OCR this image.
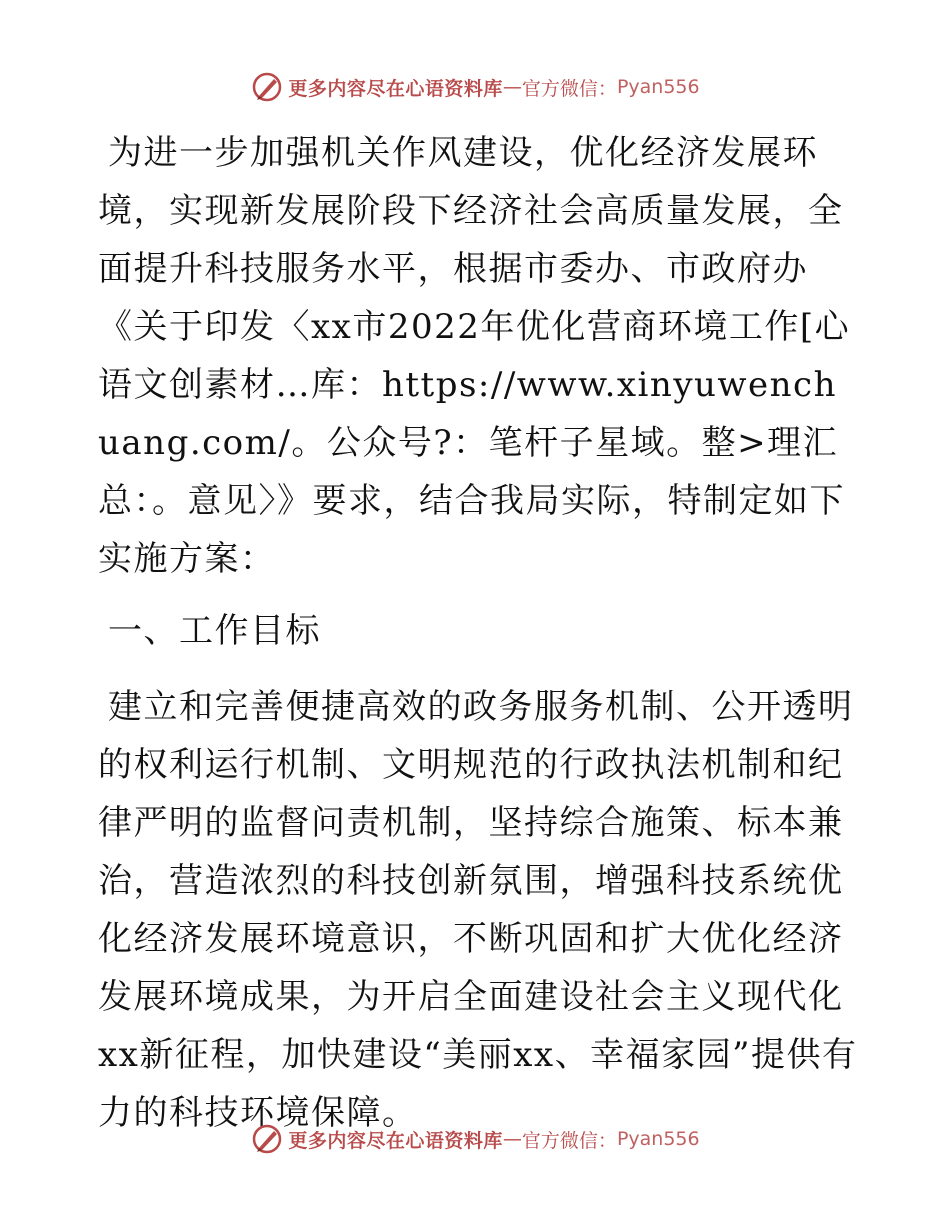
更多内容尽在心语资料库 — 官方微信： Pyan556

为进一步加强机关作风建设，优化经济发展环境，实现新发展阶段下经济社会高质量发展，全面提升科技服务水平，根据市委办、市政府办《关于印发〈xx市2022年优化营商环境工作[心语文创素材…库：https://www.xinyuwenchuang.com/。公众号?：笔杆子星域。整>理汇总：。意见〉》要求，结合我局实际，特制定如下实施方案：

一、工作目标

建立和完善便捷高效的政务服务机制、公开透明的权利运行机制、文明规范的行政执法机制和纪律严明的监督问责机制，坚持综合施策、标本兼治，营造浓烈的科技创新氛围，增强科技系统优化经济发展环境意识，不断巩固和扩大优化经济发展环境成果，为开启全面建设社会主义现代化xx新征程，加快建设“美丽xx、幸福家园”提供有力的科技环境保障。

更多内容尽在心语资料库 — 官方微信： Pyan556
